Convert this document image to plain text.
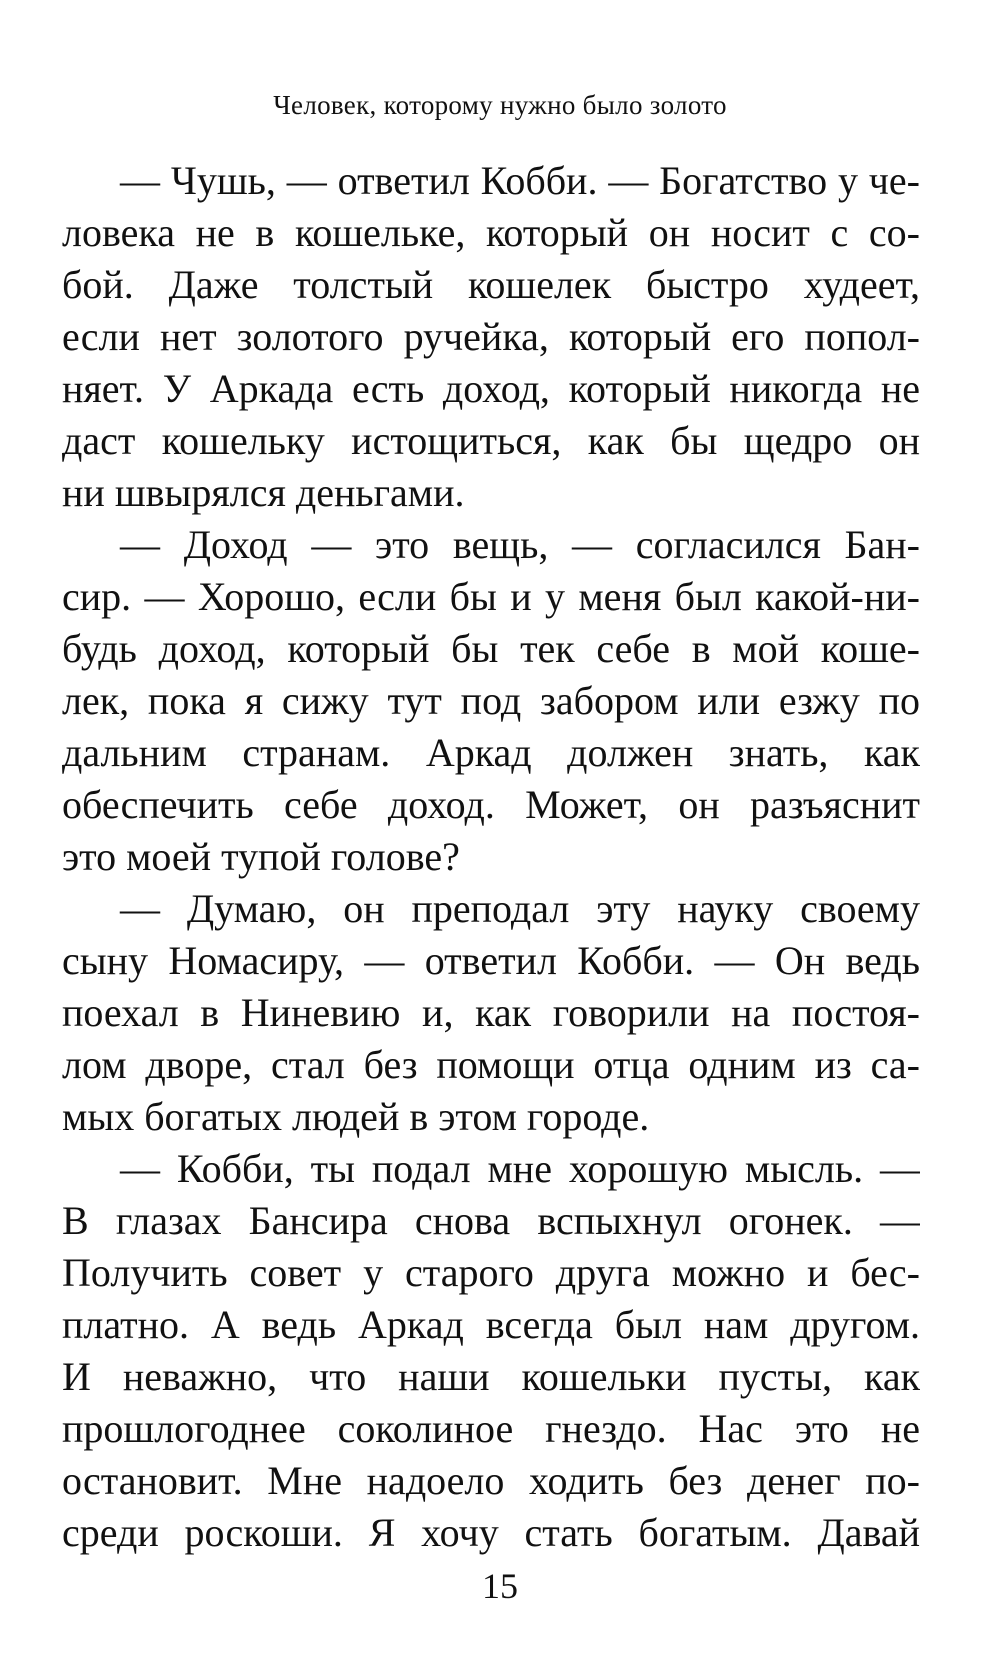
Человек, которому нужно было золото
— Чушь, — ответил Кобби. — Богатство у че-
ловека не в кошельке, который он носит с со-
бой. Даже толстый кошелек быстро худеет,
если нет золотого ручейка, который его попол-
няет. У Аркада есть доход, который никогда не
даст кошельку истощиться, как бы щедро он
ни швырялся деньгами.
— Доход — это вещь, — согласился Бан-
сир. — Хорошо, если бы и у меня был какой-ни-
будь доход, который бы тек себе в мой коше-
лек, пока я сижу тут под забором или езжу по
дальним странам. Аркад должен знать, как
обеспечить себе доход. Может, он разъяснит
это моей тупой голове?
— Думаю, он преподал эту науку своему
сыну Номасиру, — ответил Кобби. — Он ведь
поехал в Ниневию и, как говорили на постоя-
лом дворе, стал без помощи отца одним из са-
мых богатых людей в этом городе.
— Кобби, ты подал мне хорошую мысль. —
В глазах Бансира снова вспыхнул огонек. —
Получить совет у старого друга можно и бес-
платно. А ведь Аркад всегда был нам другом.
И неважно, что наши кошельки пусты, как
прошлогоднее соколиное гнездо. Нас это не
остановит. Мне надоело ходить без денег по-
среди роскоши. Я хочу стать богатым. Давай
15
